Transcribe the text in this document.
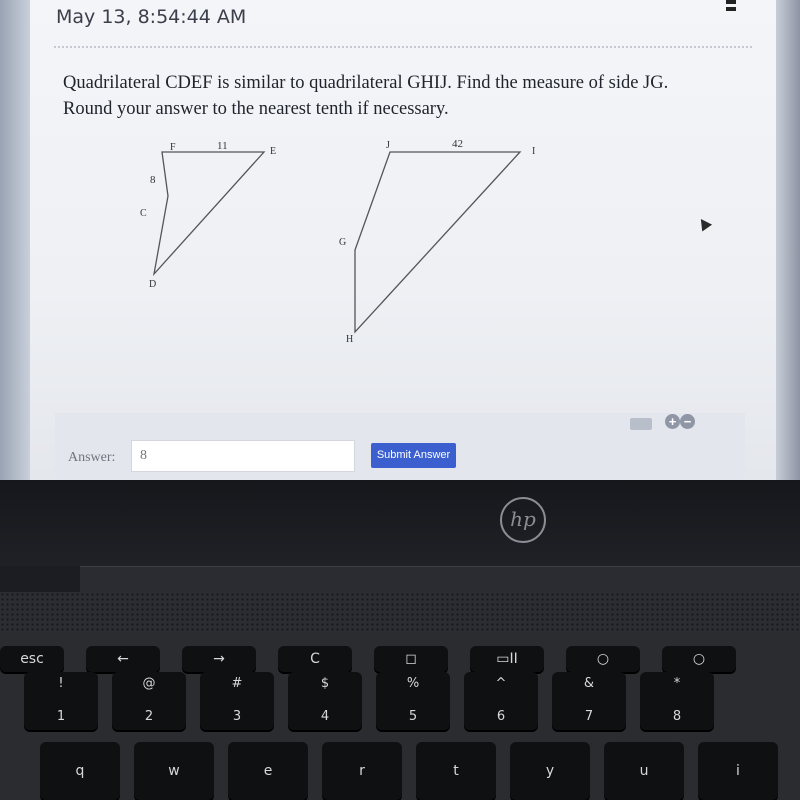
May 13, 8:54:44 AM
Quadrilateral CDEF is similar to quadrilateral GHIJ. Find the measure of side JG.
Round your answer to the nearest tenth if necessary.
F	11	E
8
C
D
J	42
I
G
H
+ −
Answer:	8	Submit Answer
hp
esc	←	→	C	◻	▭II	○	○
!
1
@
2
#
3
$
4
%
5
^
6
&
7
*
8
q	w	e	r	t	y	u	i
